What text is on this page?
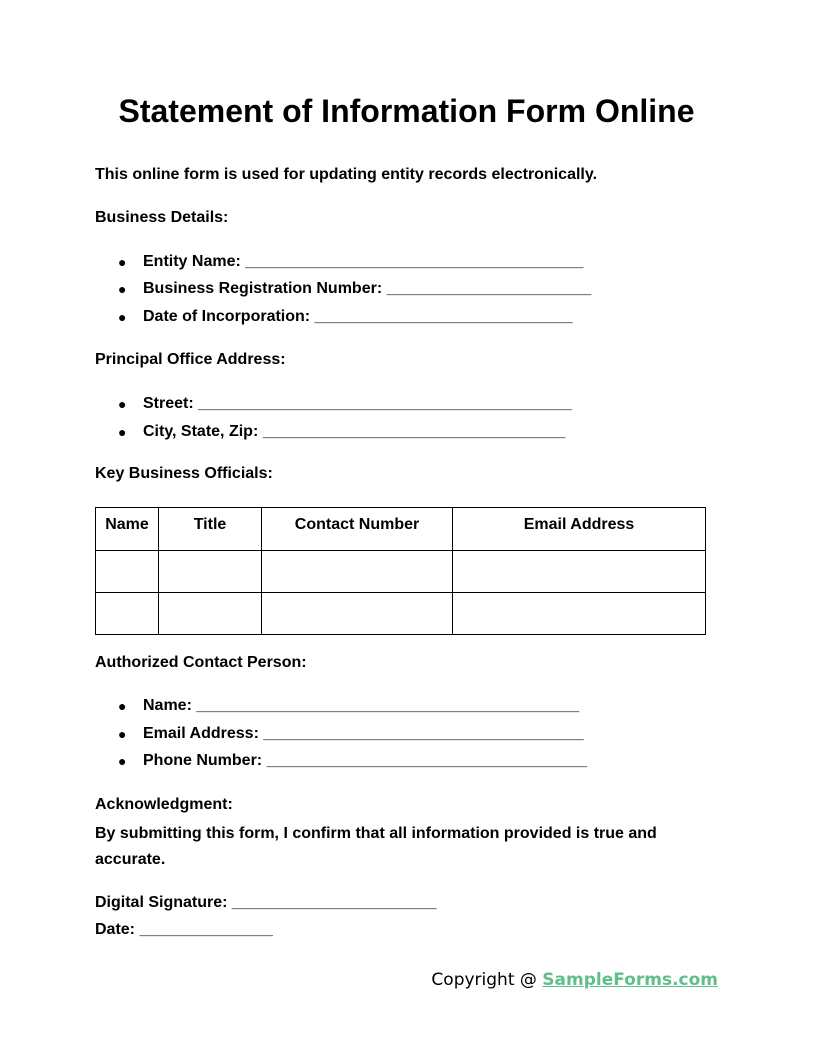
Statement of Information Form Online

This online form is used for updating entity records electronically.

Business Details:

● Entity Name: ______________________________________
● Business Registration Number: _______________________
● Date of Incorporation: _____________________________

Principal Office Address:

● Street: __________________________________________
● City, State, Zip: __________________________________

Key Business Officials:

Name	Title	Contact Number	Email Address

Authorized Contact Person:

● Name: ___________________________________________
● Email Address: ____________________________________
● Phone Number: ____________________________________

Acknowledgment:

By submitting this form, I confirm that all information provided is true and accurate.

Digital Signature: _______________________

Date: _______________

Copyright @ SampleForms.com
